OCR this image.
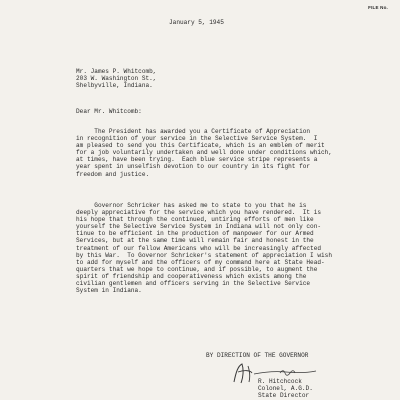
FILE No.
January 5, 1945
Mr. James P. Whitcomb,
203 W. Washington St.,
Shelbyville, Indiana.
Dear Mr. Whitcomb:
The President has awarded you a Certificate of Appreciation
in recognition of your service in the Selective Service System.  I
am pleased to send you this Certificate, which is an emblem of merit
for a job voluntarily undertaken and well done under conditions which,
at times, have been trying.  Each blue service stripe represents a
year spent in unselfish devotion to our country in its fight for
freedom and justice.
Governor Schricker has asked me to state to you that he is
deeply appreciative for the service which you have rendered.  It is
his hope that through the continued, untiring efforts of men like
yourself the Selective Service System in Indiana will not only con-
tinue to be efficient in the production of manpower for our Armed
Services, but at the same time will remain fair and honest in the
treatment of our fellow Americans who will be increasingly affected
by this War.  To Governor Schricker's statement of appreciation I wish
to add for myself and the officers of my command here at State Head-
quarters that we hope to continue, and if possible, to augment the
spirit of friendship and cooperativeness which exists among the
civilian gentlemen and officers serving in the Selective Service
System in Indiana.
BY DIRECTION OF THE GOVERNOR
R. Hitchcock
Colonel, A.G.D.
State Director
